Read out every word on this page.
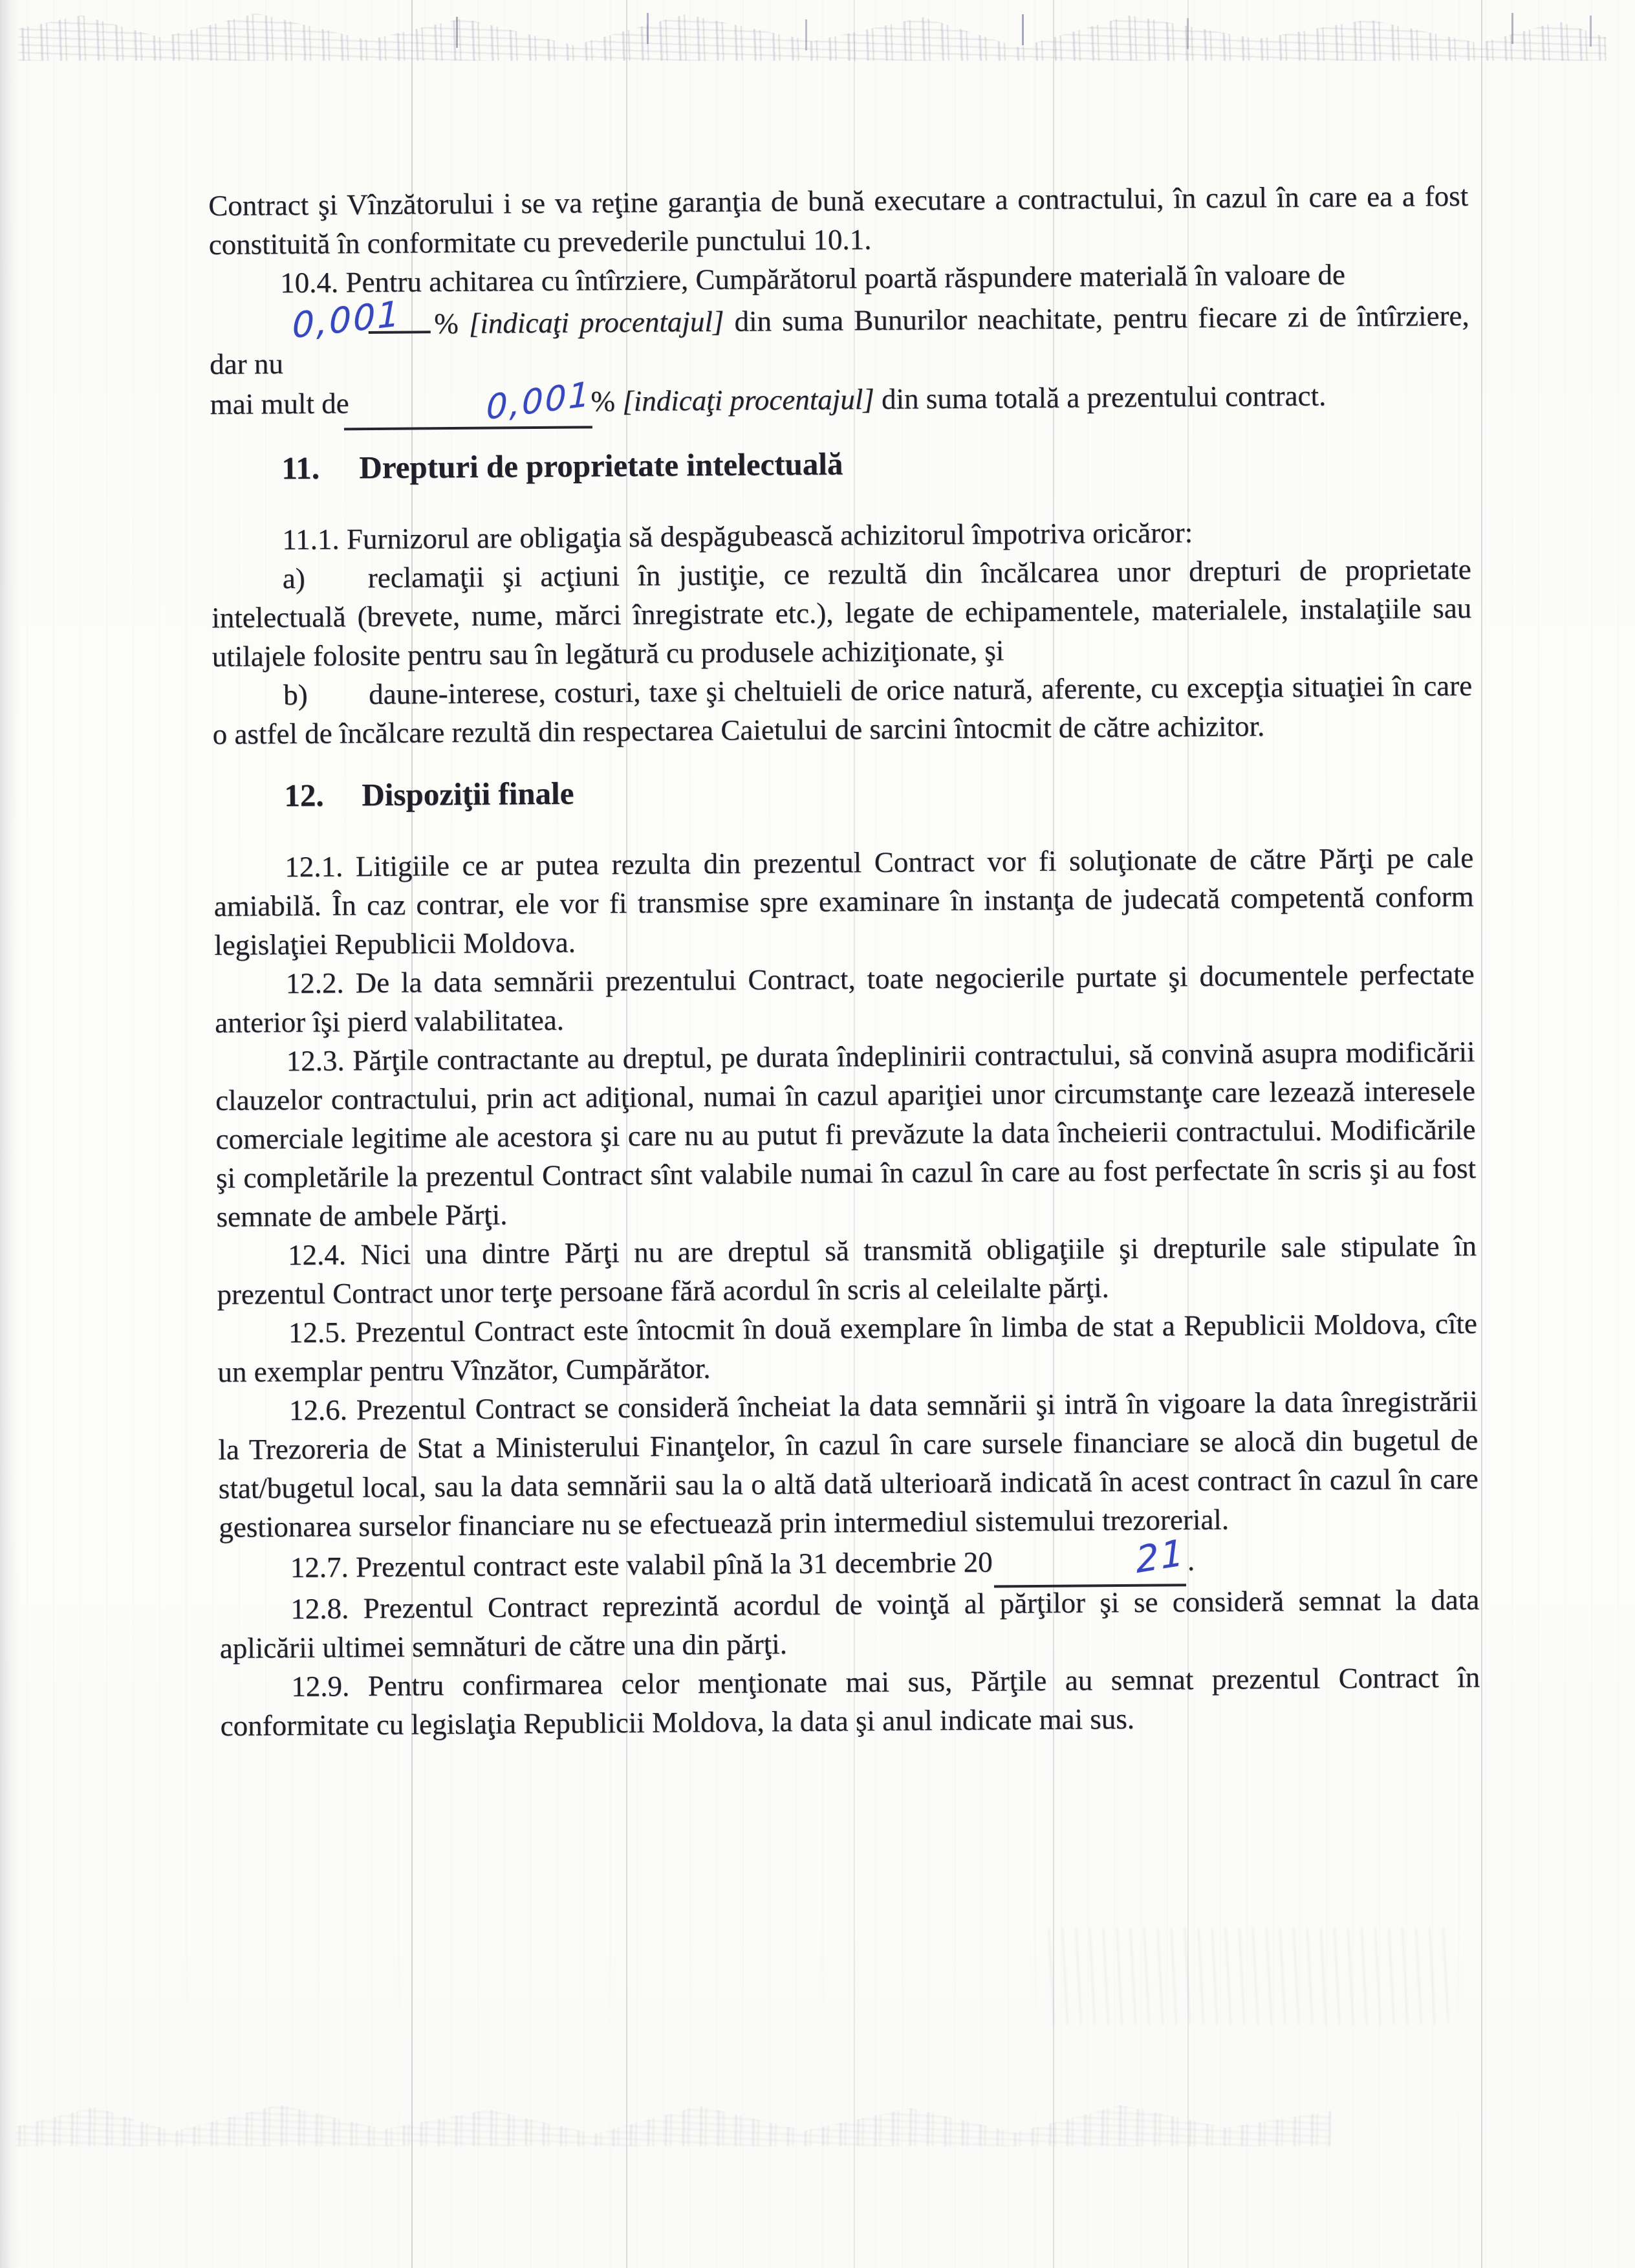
Contract şi Vînzătorului i se va reţine garanţia de bună executare a contractului, în cazul în care ea a fost constituită în conformitate cu prevederile punctului 10.1.

10.4. Pentru achitarea cu întîrziere, Cumpărătorul poartă răspundere materială în valoare de
0,001 % [indicaţi procentajul] din suma Bunurilor neachitate, pentru fiecare zi de întîrziere, dar nu
mai mult de	0,001% [indicaţi procentajul] din suma totală a prezentului contract.

11. Drepturi de proprietate intelectuală

11.1. Furnizorul are obligaţia să despăgubească achizitorul împotriva oricăror:

a) reclamaţii şi acţiuni în justiţie, ce rezultă din încălcarea unor drepturi de proprietate intelectuală (brevete, nume, mărci înregistrate etc.), legate de echipamentele, materialele, instalaţiile sau utilajele folosite pentru sau în legătură cu produsele achiziţionate, şi

b) daune-interese, costuri, taxe şi cheltuieli de orice natură, aferente, cu excepţia situaţiei în care o astfel de încălcare rezultă din respectarea Caietului de sarcini întocmit de către achizitor.

12. Dispoziţii finale

12.1. Litigiile ce ar putea rezulta din prezentul Contract vor fi soluţionate de către Părţi pe cale amiabilă. În caz contrar, ele vor fi transmise spre examinare în instanţa de judecată competentă conform legislaţiei Republicii Moldova.

12.2. De la data semnării prezentului Contract, toate negocierile purtate şi documentele perfectate anterior îşi pierd valabilitatea.

12.3. Părţile contractante au dreptul, pe durata îndeplinirii contractului, să convină asupra modificării clauzelor contractului, prin act adiţional, numai în cazul apariţiei unor circumstanţe care lezează interesele comerciale legitime ale acestora şi care nu au putut fi prevăzute la data încheierii contractului. Modificările şi completările la prezentul Contract sînt valabile numai în cazul în care au fost perfectate în scris şi au fost semnate de ambele Părţi.

12.4. Nici una dintre Părţi nu are dreptul să transmită obligaţiile şi drepturile sale stipulate în prezentul Contract unor terţe persoane fără acordul în scris al celeilalte părţi.

12.5. Prezentul Contract este întocmit în două exemplare în limba de stat a Republicii Moldova, cîte un exemplar pentru Vînzător, Cumpărător.

12.6. Prezentul Contract se consideră încheiat la data semnării şi intră în vigoare la data înregistrării la Trezoreria de Stat a Ministerului Finanţelor, în cazul în care sursele financiare se alocă din bugetul de stat/bugetul local, sau la data semnării sau la o altă dată ulterioară indicată în acest contract în cazul în care gestionarea surselor financiare nu se efectuează prin intermediul sistemului trezorerial.

12.7. Prezentul contract este valabil pînă la 31 decembrie 20	21.

12.8. Prezentul Contract reprezintă acordul de voinţă al părţilor şi se consideră semnat la data aplicării ultimei semnături de către una din părţi.

12.9. Pentru confirmarea celor menţionate mai sus, Părţile au semnat prezentul Contract în conformitate cu legislaţia Republicii Moldova, la data şi anul indicate mai sus.
